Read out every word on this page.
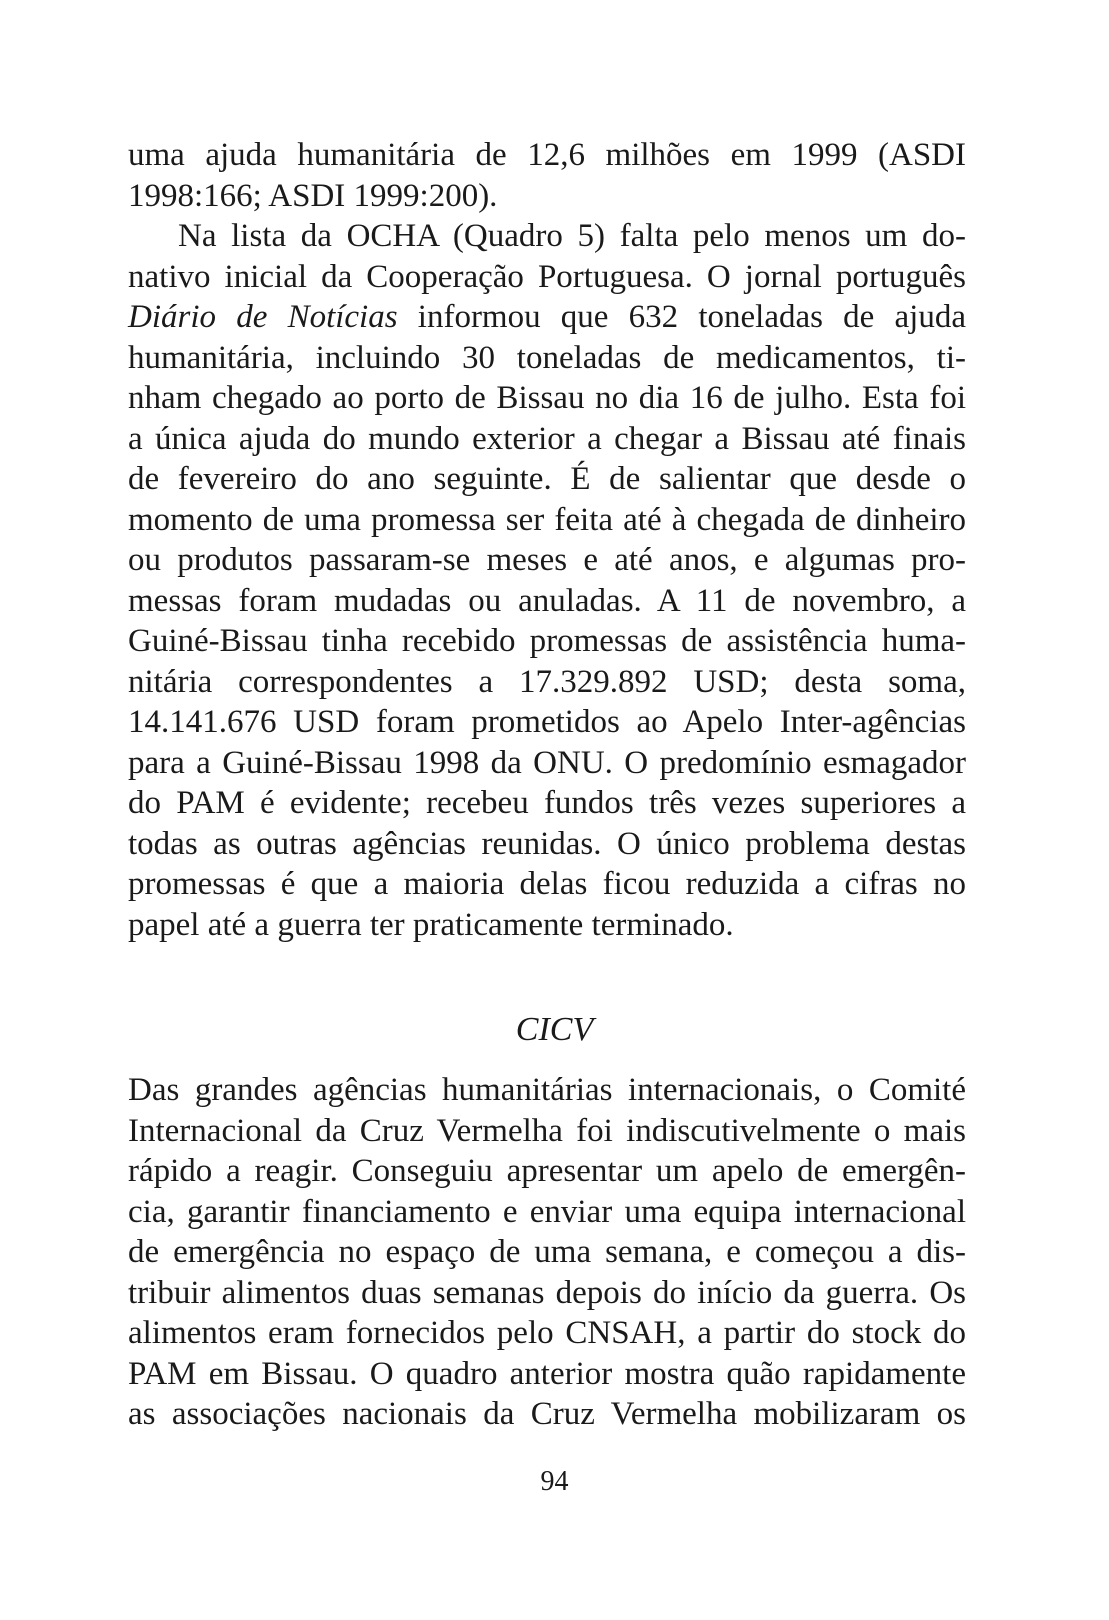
uma ajuda humanitária de 12,6 milhões em 1999 (ASDI
1998:166; ASDI 1999:200).
Na lista da OCHA (Quadro 5) falta pelo menos um do-
nativo inicial da Cooperação Portuguesa. O jornal português
Diário de Notícias informou que 632 toneladas de ajuda
humanitária, incluindo 30 toneladas de medicamentos, ti-
nham chegado ao porto de Bissau no dia 16 de julho. Esta foi
a única ajuda do mundo exterior a chegar a Bissau até finais
de fevereiro do ano seguinte. É de salientar que desde o
momento de uma promessa ser feita até à chegada de dinheiro
ou produtos passaram-se meses e até anos, e algumas pro-
messas foram mudadas ou anuladas. A 11 de novembro, a
Guiné-Bissau tinha recebido promessas de assistência huma-
nitária correspondentes a 17.329.892 USD; desta soma,
14.141.676 USD foram prometidos ao Apelo Inter-agências
para a Guiné-Bissau 1998 da ONU. O predomínio esmagador
do PAM é evidente; recebeu fundos três vezes superiores a
todas as outras agências reunidas. O único problema destas
promessas é que a maioria delas ficou reduzida a cifras no
papel até a guerra ter praticamente terminado.
CICV
Das grandes agências humanitárias internacionais, o Comité
Internacional da Cruz Vermelha foi indiscutivelmente o mais
rápido a reagir. Conseguiu apresentar um apelo de emergên-
cia, garantir financiamento e enviar uma equipa internacional
de emergência no espaço de uma semana, e começou a dis-
tribuir alimentos duas semanas depois do início da guerra. Os
alimentos eram fornecidos pelo CNSAH, a partir do stock do
PAM em Bissau. O quadro anterior mostra quão rapidamente
as associações nacionais da Cruz Vermelha mobilizaram os
94
